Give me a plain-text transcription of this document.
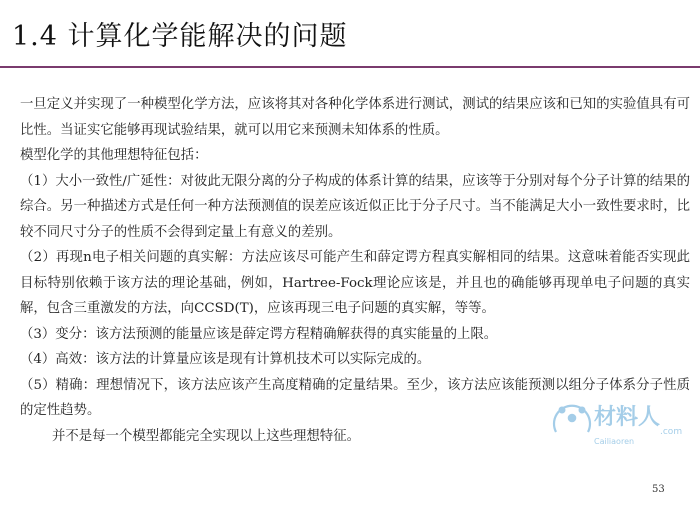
1.4 计算化学能解决的问题

一旦定义并实现了一种模型化学方法，应该将其对各种化学体系进行测试，测试的结果应该和已知的实验值具有可比性。当证实它能够再现试验结果，就可以用它来预测未知体系的性质。

模型化学的其他理想特征包括：

（1）大小一致性/广延性：对彼此无限分离的分子构成的体系计算的结果，应该等于分别对每个分子计算的结果的综合。另一种描述方式是任何一种方法预测值的误差应该近似正比于分子尺寸。当不能满足大小一致性要求时，比较不同尺寸分子的性质不会得到定量上有意义的差别。

（2）再现n电子相关问题的真实解：方法应该尽可能产生和薛定谔方程真实解相同的结果。这意味着能否实现此目标特别依赖于该方法的理论基础，例如，Hartree-Fock理论应该是，并且也的确能够再现单电子问题的真实解，包含三重激发的方法，向CCSD(T)，应该再现三电子问题的真实解，等等。

（3）变分：该方法预测的能量应该是薛定谔方程精确解获得的真实能量的上限。

（4）高效：该方法的计算量应该是现有计算机技术可以实际完成的。

（5）精确：理想情况下，该方法应该产生高度精确的定量结果。至少，该方法应该能预测以组分子体系分子性质的定性趋势。

并不是每一个模型都能完全实现以上这些理想特征。

53
材料人
.com
Cailiaoren
